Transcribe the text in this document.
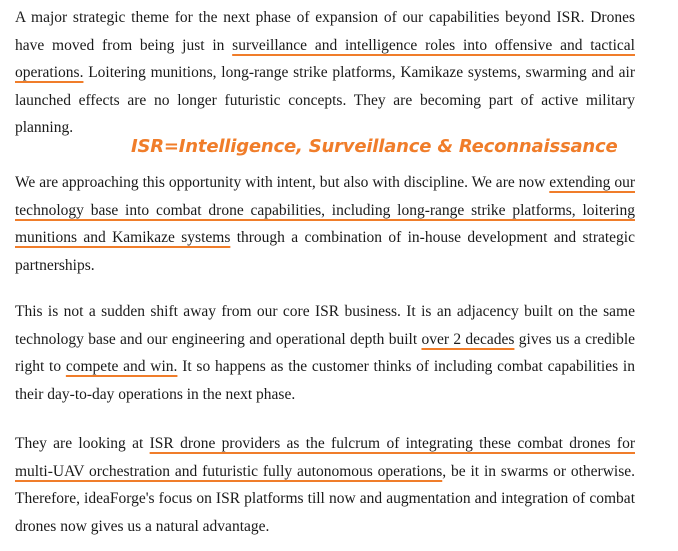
A major strategic theme for the next phase of expansion of our capabilities beyond ISR. Drones have moved from being just in surveillance and intelligence roles into offensive and tactical operations. Loitering munitions, long-range strike platforms, Kamikaze systems, swarming and air launched effects are no longer futuristic concepts. They are becoming part of active military planning.

ISR=Intelligence, Surveillance & Reconnaissance

We are approaching this opportunity with intent, but also with discipline. We are now extending our technology base into combat drone capabilities, including long-range strike platforms, loitering munitions and Kamikaze systems through a combination of in-house development and strategic partnerships.

This is not a sudden shift away from our core ISR business. It is an adjacency built on the same technology base and our engineering and operational depth built over 2 decades gives us a credible right to compete and win. It so happens as the customer thinks of including combat capabilities in their day-to-day operations in the next phase.

They are looking at ISR drone providers as the fulcrum of integrating these combat drones for multi-UAV orchestration and futuristic fully autonomous operations, be it in swarms or otherwise. Therefore, ideaForge's focus on ISR platforms till now and augmentation and integration of combat drones now gives us a natural advantage.
